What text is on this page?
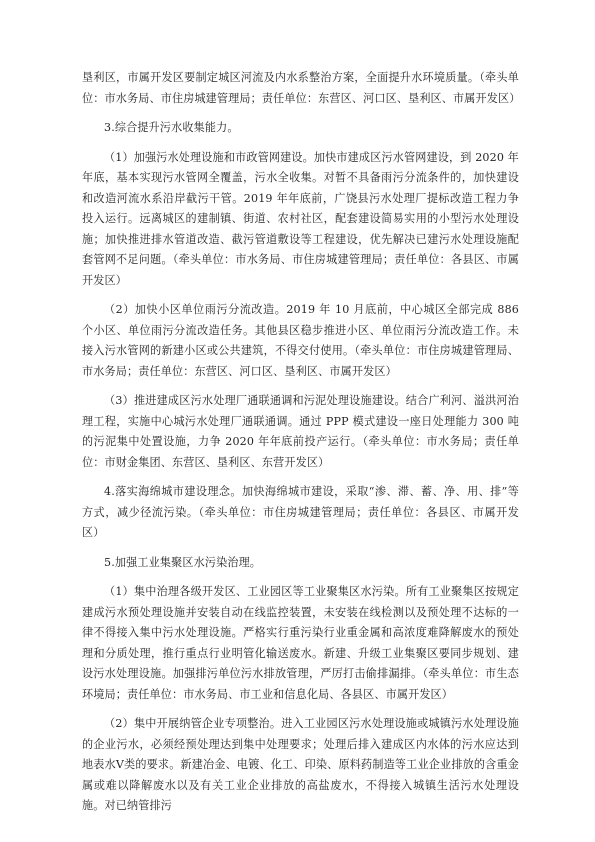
垦利区，市属开发区要制定城区河流及内水系整治方案，全面提升水环境质量。（牵头单位：市水务局、市住房城建管理局；责任单位：东营区、河口区、垦利区、市属开发区）

3.综合提升污水收集能力。

（1）加强污水处理设施和市政管网建设。加快市建成区污水管网建设，到 2020 年年底，基本实现污水管网全覆盖，污水全收集。对暂不具备雨污分流条件的，加快建设和改造河流水系沿岸截污干管。2019 年年底前，广饶县污水处理厂提标改造工程力争投入运行。远离城区的建制镇、街道、农村社区，配套建设简易实用的小型污水处理设施；加快推进排水管道改造、截污管道敷设等工程建设，优先解决已建污水处理设施配套管网不足问题。（牵头单位：市水务局、市住房城建管理局；责任单位：各县区、市属开发区）

（2）加快小区单位雨污分流改造。2019 年 10 月底前，中心城区全部完成 886 个小区、单位雨污分流改造任务。其他县区稳步推进小区、单位雨污分流改造工作。未接入污水管网的新建小区或公共建筑，不得交付使用。（牵头单位：市住房城建管理局、市水务局；责任单位：东营区、河口区、垦利区、市属开发区）

（3）推进建成区污水处理厂通联通调和污泥处理设施建设。结合广利河、溢洪河治理工程，实施中心城污水处理厂通联通调。通过 PPP 模式建设一座日处理能力 300 吨的污泥集中处置设施，力争 2020 年年底前投产运行。（牵头单位：市水务局；责任单位：市财金集团、东营区、垦利区、东营开发区）

4.落实海绵城市建设理念。加快海绵城市建设，采取“渗、滞、蓄、净、用、排”等方式，减少径流污染。（牵头单位：市住房城建管理局；责任单位：各县区、市属开发区）

5.加强工业集聚区水污染治理。

（1）集中治理各级开发区、工业园区等工业聚集区水污染。所有工业聚集区按规定建成污水预处理设施并安装自动在线监控装置，未安装在线检测以及预处理不达标的一律不得接入集中污水处理设施。严格实行重污染行业重金属和高浓度难降解废水的预处理和分质处理，推行重点行业明管化输送废水。新建、升级工业集聚区要同步规划、建设污水处理设施。加强排污单位污水排放管理，严厉打击偷排漏排。（牵头单位：市生态环境局；责任单位：市水务局、市工业和信息化局、各县区、市属开发区）

（2）集中开展纳管企业专项整治。进入工业园区污水处理设施或城镇污水处理设施的企业污水，必须经预处理达到集中处理要求；处理后排入建成区内水体的污水应达到地表水Ⅴ类的要求。新建冶金、电镀、化工、印染、原料药制造等工业企业排放的含重金属或难以降解废水以及有关工业企业排放的高盐废水，不得接入城镇生活污水处理设施。对已纳管排污
